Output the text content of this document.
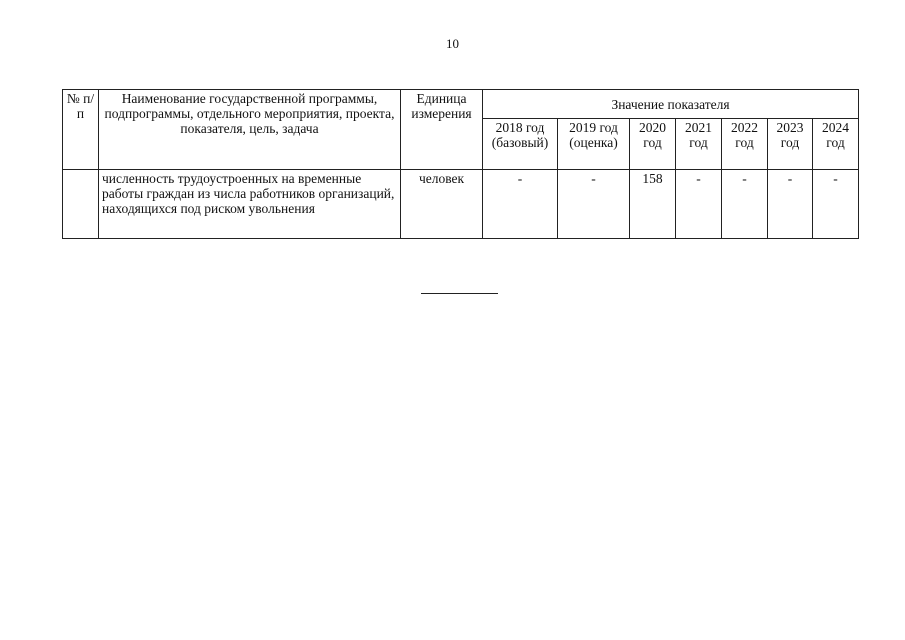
10
№ п/п	Наименование государственной программы, подпрограммы, отдельного мероприятия, проекта, показателя, цель, задача	Единица измерения	Значение показателя						
			2018 год (базовый)	2019 год (оценка)	2020 год	2021 год	2022 год	2023 год	2024 год
	численность трудоустроенных на временные работы граждан из числа работников организаций, находящихся под риском увольнения	человек	-	-	158	-	-	-	-
